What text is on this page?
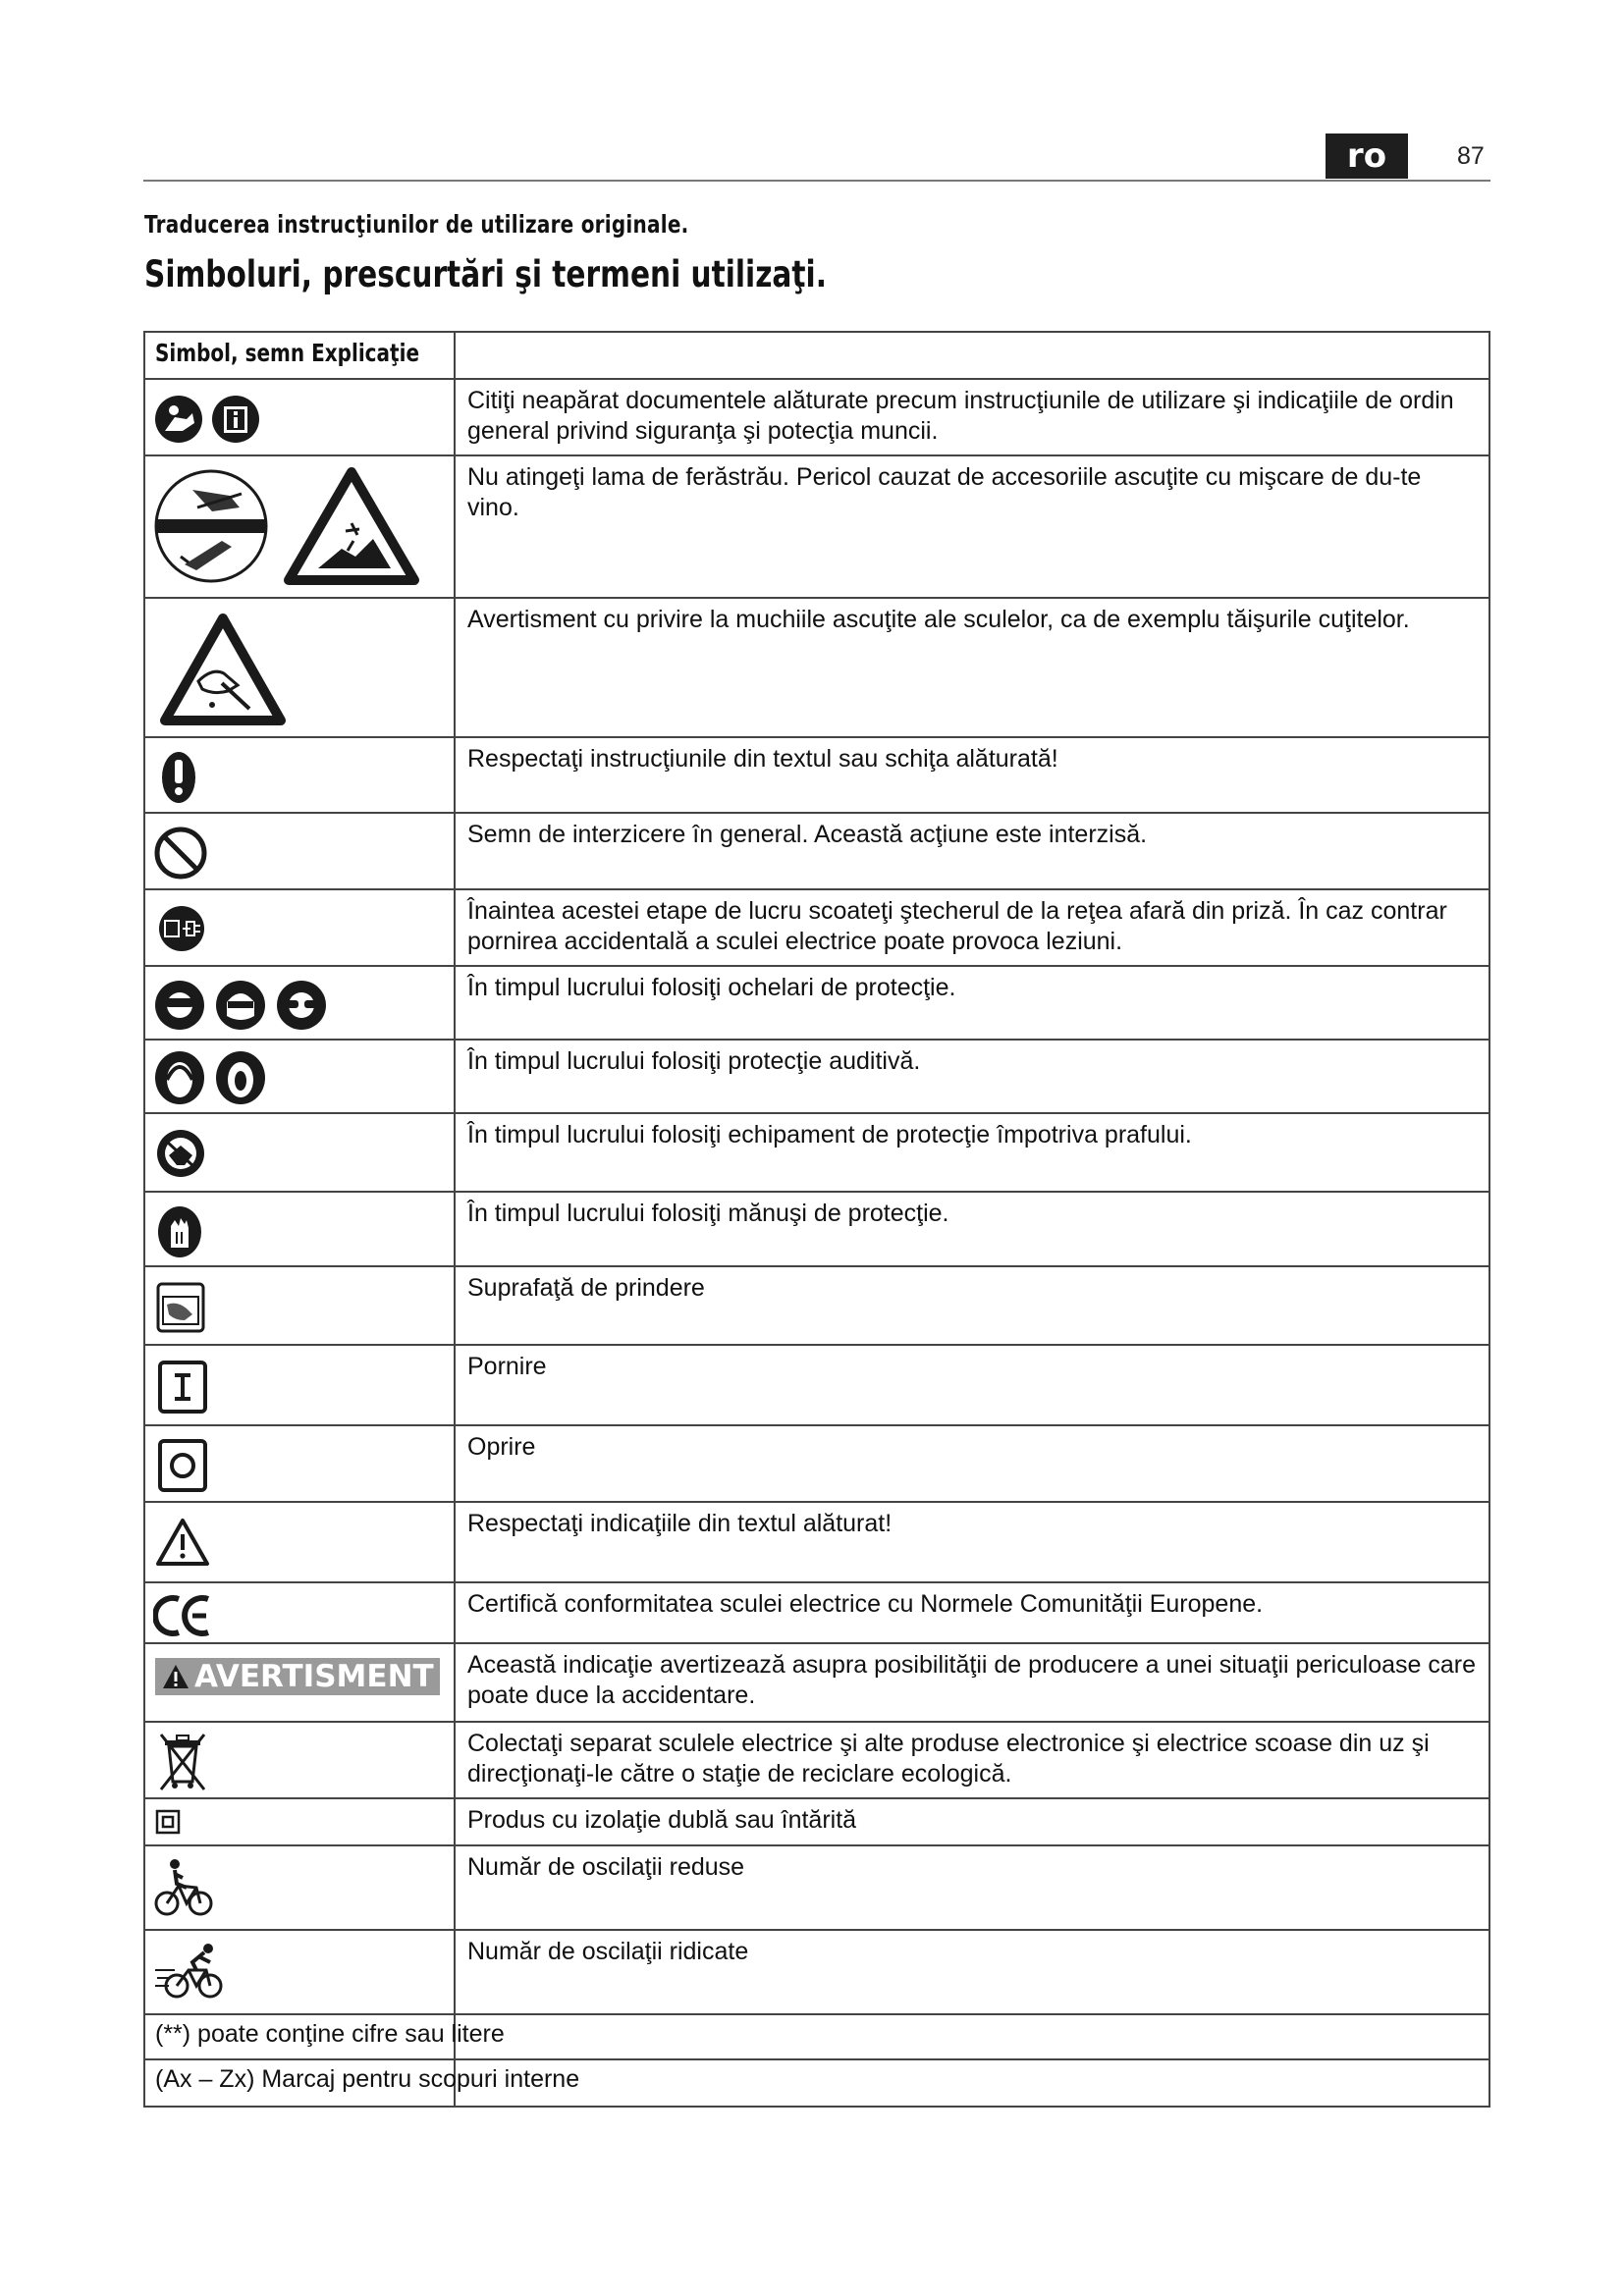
ro	87
Traducerea instrucţiunilor de utilizare originale.
Simboluri, prescurtări şi termeni utilizaţi.
Simbol, semn Explicaţie
Citiţi neapărat documentele alăturate precum instrucţiunile de utilizare şi indicaţiile de ordin general privind siguranţa şi potecţia muncii.
Nu atingeţi lama de ferăstrău. Pericol cauzat de accesoriile ascuţite cu mişcare de du-te vino.
Avertisment cu privire la muchiile ascuţite ale sculelor, ca de exemplu tăişurile cuţitelor.
Respectaţi instrucţiunile din textul sau schiţa alăturată!
Semn de interzicere în general. Această acţiune este interzisă.
Înaintea acestei etape de lucru scoateţi ştecherul de la reţea afară din priză. În caz contrar pornirea accidentală a sculei electrice poate provoca leziuni.
În timpul lucrului folosiţi ochelari de protecţie.
În timpul lucrului folosiţi protecţie auditivă.
În timpul lucrului folosiţi echipament de protecţie împotriva prafului.
În timpul lucrului folosiţi mănuşi de protecţie.
Suprafaţă de prindere
Pornire
Oprire
Respectaţi indicaţiile din textul alăturat!
Certifică conformitatea sculei electrice cu Normele Comunităţii Europene.
AVERTISMENT Această indicaţie avertizează asupra posibilităţii de producere a unei situaţii periculoase care poate duce la accidentare.
Colectaţi separat sculele electrice şi alte produse electronice şi electrice scoase din uz şi direcţionaţi-le către o staţie de reciclare ecologică.
Produs cu izolaţie dublă sau întărită
Număr de oscilaţii reduse
Număr de oscilaţii ridicate
(**) poate conţine cifre sau litere
(Ax – Zx) Marcaj pentru scopuri interne
